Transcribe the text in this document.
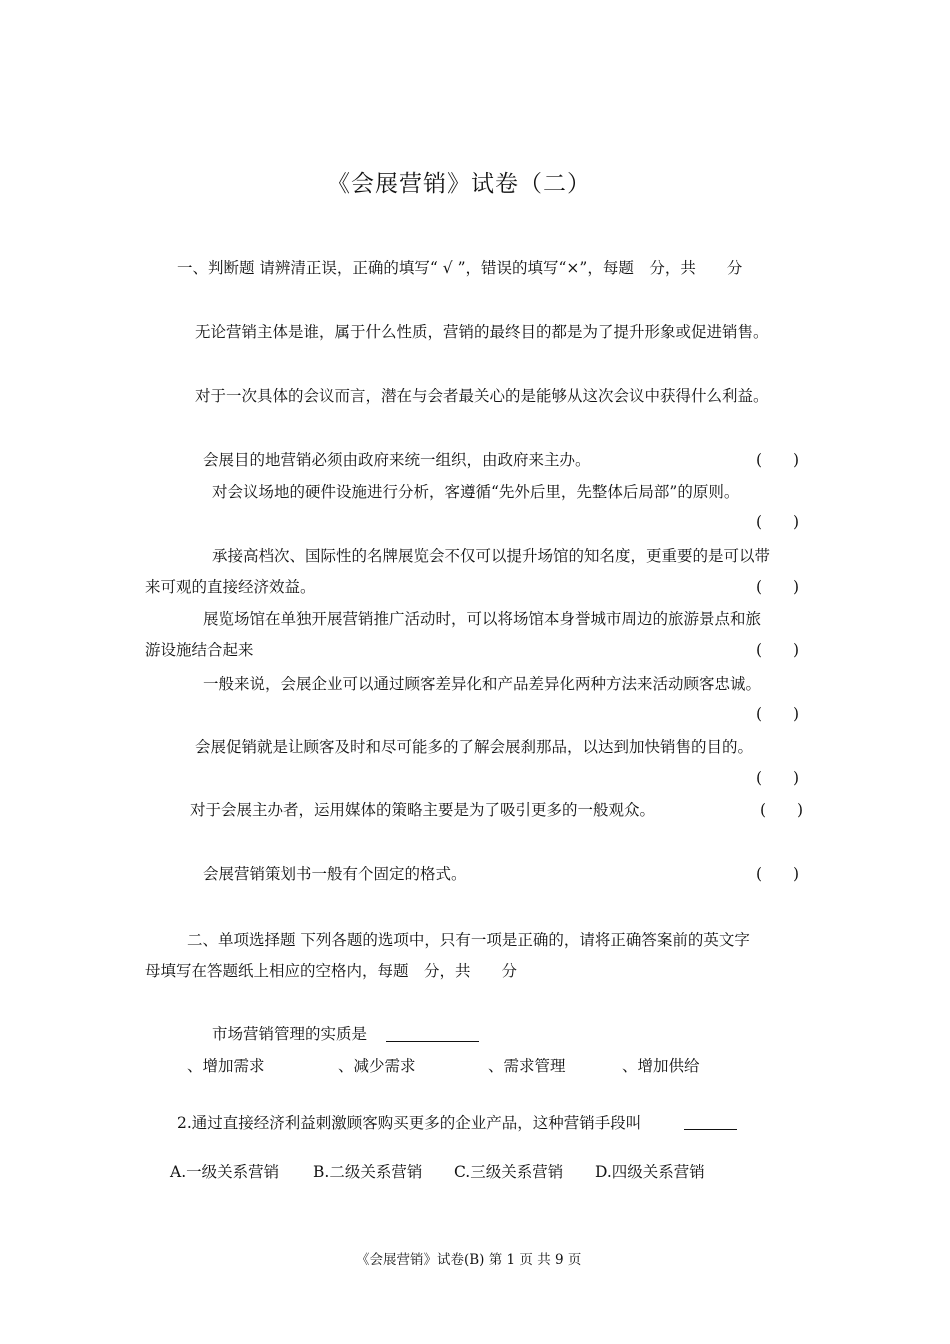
《会展营销》试卷（二）
一、判断题 请辨清正误，正确的填写“ √ ”，错误的填写“×”，每题　分，共　　分
无论营销主体是谁，属于什么性质，营销的最终目的都是为了提升形象或促进销售。
对于一次具体的会议而言，潜在与会者最关心的是能够从这次会议中获得什么利益。
会展目的地营销必须由政府来统一组织，由政府来主办。	(　　)
对会议场地的硬件设施进行分析，客遵循“先外后里，先整体后局部”的原则。
(　　)
承接高档次、国际性的名牌展览会不仅可以提升场馆的知名度，更重要的是可以带
来可观的直接经济效益。	(　　)
展览场馆在单独开展营销推广活动时，可以将场馆本身誉城市周边的旅游景点和旅
游设施结合起来	(　　)
一般来说，会展企业可以通过顾客差异化和产品差异化两种方法来活动顾客忠诚。
(　　)
会展促销就是让顾客及时和尽可能多的了解会展刹那品，以达到加快销售的目的。
(　　)
对于会展主办者，运用媒体的策略主要是为了吸引更多的一般观众。	(　　)
会展营销策划书一般有个固定的格式。	(　　)
二、单项选择题 下列各题的选项中，只有一项是正确的，请将正确答案前的英文字
母填写在答题纸上相应的空格内，每题　分，共　　分
市场营销管理的实质是
、增加需求	、减少需求	、需求管理	、增加供给
2.通过直接经济利益刺激顾客购买更多的企业产品，这种营销手段叫
A.一级关系营销 B.二级关系营销 C.三级关系营销 D.四级关系营销
《会展营销》试卷(B) 第 1 页 共 9 页
